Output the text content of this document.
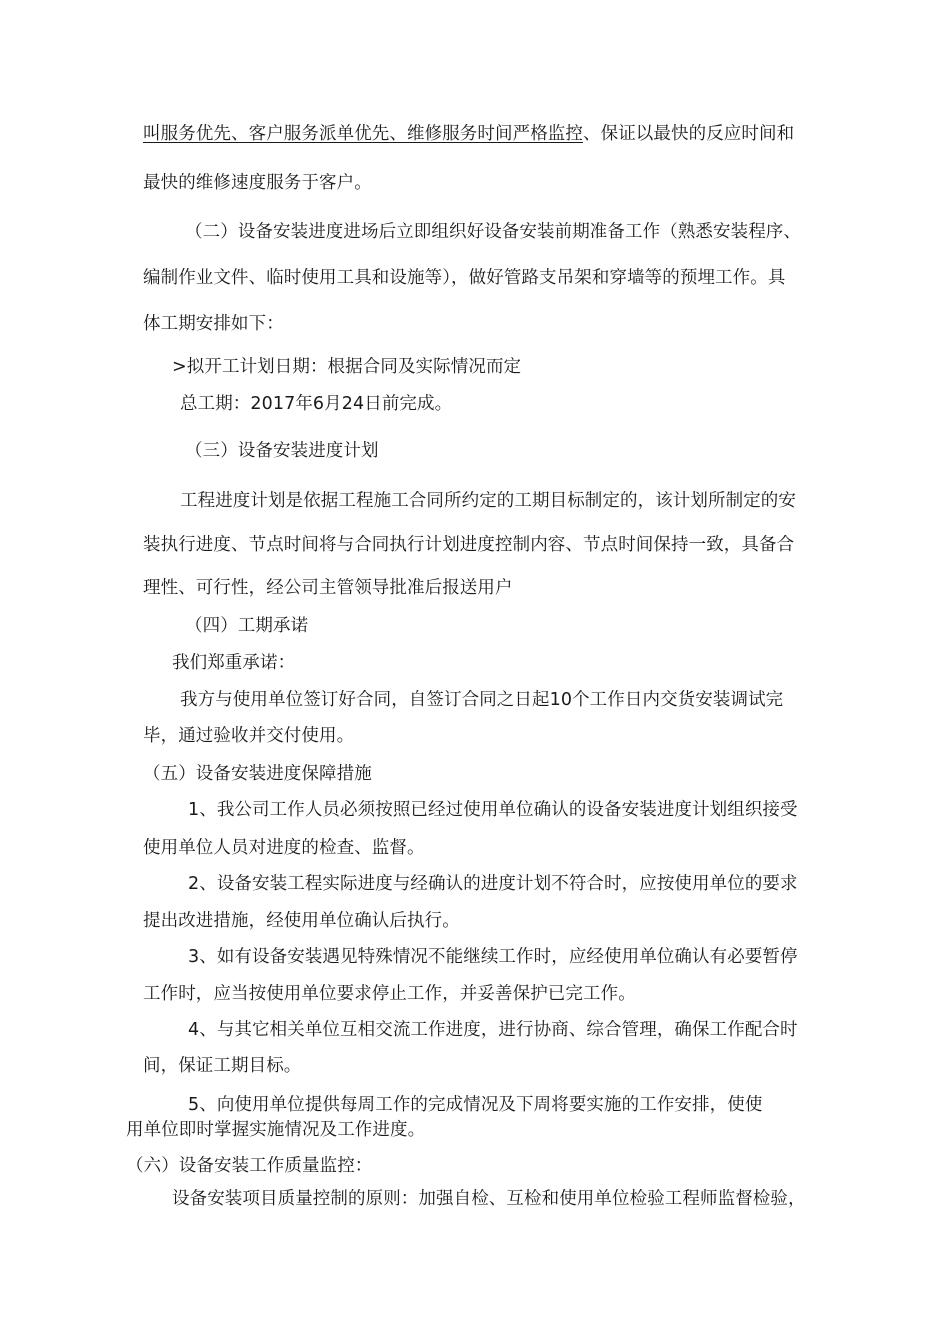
叫服务优先、客户服务派单优先、维修服务时间严格监控、保证以最快的反应时间和
最快的维修速度服务于客户。
（二）设备安装进度进场后立即组织好设备安装前期准备工作（熟悉安装程序、
编制作业文件、临时使用工具和设施等），做好管路支吊架和穿墙等的预埋工作。具
体工期安排如下：
>拟开工计划日期：根据合同及实际情况而定
总工期：2017年6月24日前完成。
（三）设备安装进度计划
工程进度计划是依据工程施工合同所约定的工期目标制定的，该计划所制定的安
装执行进度、节点时间将与合同执行计划进度控制内容、节点时间保持一致，具备合
理性、可行性，经公司主管领导批准后报送用户
（四）工期承诺
我们郑重承诺：
我方与使用单位签订好合同，自签订合同之日起10个工作日内交货安装调试完
毕，通过验收并交付使用。
（五）设备安装进度保障措施
1、我公司工作人员必须按照已经过使用单位确认的设备安装进度计划组织接受
使用单位人员对进度的检查、监督。
2、设备安装工程实际进度与经确认的进度计划不符合时，应按使用单位的要求
提出改进措施，经使用单位确认后执行。
3、如有设备安装遇见特殊情况不能继续工作时，应经使用单位确认有必要暂停
工作时，应当按使用单位要求停止工作，并妥善保护已完工作。
4、与其它相关单位互相交流工作进度，进行协商、综合管理，确保工作配合时
间，保证工期目标。
5、向使用单位提供每周工作的完成情况及下周将要实施的工作安排，使使
用单位即时掌握实施情况及工作进度。
（六）设备安装工作质量监控：
设备安装项目质量控制的原则：加强自检、互检和使用单位检验工程师监督检验，
